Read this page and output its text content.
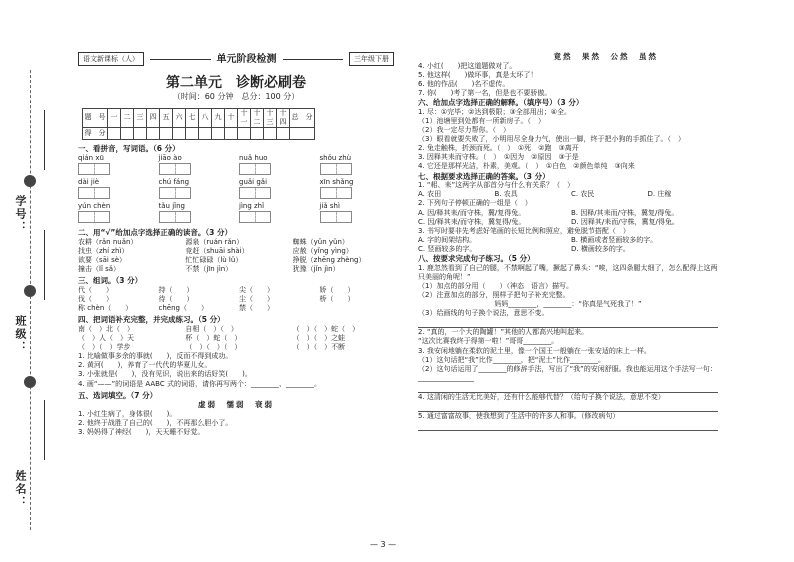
学号：
班级：
姓名：
语文新课标（人）	单元阶段检测	三年级下册
第二单元　诊断必刷卷
（时间：60 分钟　总分：100 分）
题　号	一	二	三	四	五	六	七	八	九	十	十一	十二	十三	十四	总　分
得　分															
一、看拼音，写词语。（6 分）
qián xū	jiāo ào	nuǎ huo	shǒu zhù
dài jiè	chú fáng	guǎi gǎi	xīn shǎng
yún chèn	tǎu jǐng	jìng zhǐ	jiǎ shì
二、用“√”给加点字选择正确的读音。（3 分）
农耕（rǎn nuǎn）	源泉（ruán rǎn）	蜘蛛（yǔn yǔn）
找虫（zhí zhì）	竞赶（shuāi shài）	应赦（yǐng yìng）
欲要（sāi sè）	忙忙碌碌（lù lǔ）	挣脱（zhēng zhèng）
撞击（lǐ sǎ）	不禁（jīn jìn）	犹豫（jǐn jìn）
三、组词。（3 分）
代（　　）	持（　　）	尖（　　）	娇（　　）
伐（　　）	待（　　）	尘（　　）	桥（　　）
称 chèn（　　）	chēng（　　）	禁（　　）
四、把词语补充完整，并完成练习。（5 分）
南（　）北（　）	自相（　）（　）	（　）（　）蛇（　）
（　）人（　）天	杯（　）蛇（　）	（　）（　）之蛙
（　）（　）学步	（　）（　）（　）	（　）（　）不断
1. 比喻做事多余的事就(　　)，反而不得到成功。
2. 黄河(　　)，养育了一代代的华夏儿女。
3. 小张就是(　　)，没有见识，说出来的话好笑(　　)。
4. 画“——”的词语是 AABC 式的词语，请你再写两个：________、________。
五、选词填空。（7 分）
虚弱　懦弱　衰弱
1. 小红生病了，身体很(　　)。
2. 他终于战胜了自己的(　　)，不再那么胆小了。
3. 妈妈得了神经(　　)，天天睡不好觉。
竟然　果然　公然　虽然
4. 小红(　　)把这道题做对了。
5. 他这样(　　)做坏事，真是太坏了！
6. 他的作品(　　)名不虚传。
7. 你(　　)考了第一名，但是也不要骄傲。
六、给加点字选择正确的解释。（填序号）（3 分）
1. 尽：①完毕；②达到极限；③全部用出；④全。
（1）池塘里到处都有一所新房子。（　）
（2）我一定尽力帮你。（　）
（3）眼看就要失败了，小明用尽全身力气，使出一脚，终于把小狗的手抓住了。（　）
2. 兔走触株，折颈而死。（　）　①死　②跑　③离开
3. 因释其耒而守株。（　）　①因为　②原因　③于是
4. 它还是那样光洁，朴素，美观。（　）　①白色　②颜色单纯　③向来
七、根据要求选择正确的答案。（3 分）
1. “耜、耒”这两字从部首分与什么有关系？（　）
A. 农田	B. 农具	C. 农民	D. 庄稼
2. 下列句子停顿正确的一组是（　）
A. 因/释其耒/而守株，冀/复得兔。	B. 因释/其耒而/守株，冀复/得兔。
C. 因/释其耒/而守株，冀复得/兔。	D. 因释其/耒而/守株，冀复/得兔。
3. 书写时要非先考虑好笔画的长短比例和照应，避免脱节搭配（　）
A. 字的间架结构。	B. 横画或者竖画较多的字。
C. 竖画较多的字。	D. 横画较多的字。
八、按要求完成句子练习。（5 分）
1. 鹿忽然看到了自己的腿，不禁啊起了嘴，撅起了鼻头：“唉，这四条腿太细了，怎么配得上这两只美丽的角呢！”
（1）加点的部分用（　　）（神态　语言）描写。
（2）注意加点的部分，照样子把句子补充完整。
妈妈________，________：“你真是气死我了！”
（3）给画线的句子换个说法，意思不变。
2. “真的，一个大的陶罐！”其他的人都高兴地叫起来。
“这次比赛我终于得第一啦！”哥哥________。
3. 我安闲地躺在柔软的泥土里，像一个国王一般躺在一张安适的床上一样。
（1）这句话把“我”比作________，把“泥土”比作________。
（2）这句话运用了________的修辞手法，写出了“我”的安闲舒服。我也能运用这个手法写一句：________________
4. 这清闲的生活无比美好，还有什么能够代替？（给句子换个说法，意思不变）
5. 通过富富故事，使我想到了生活中的许多人和事。（修改病句）
— 3 —
